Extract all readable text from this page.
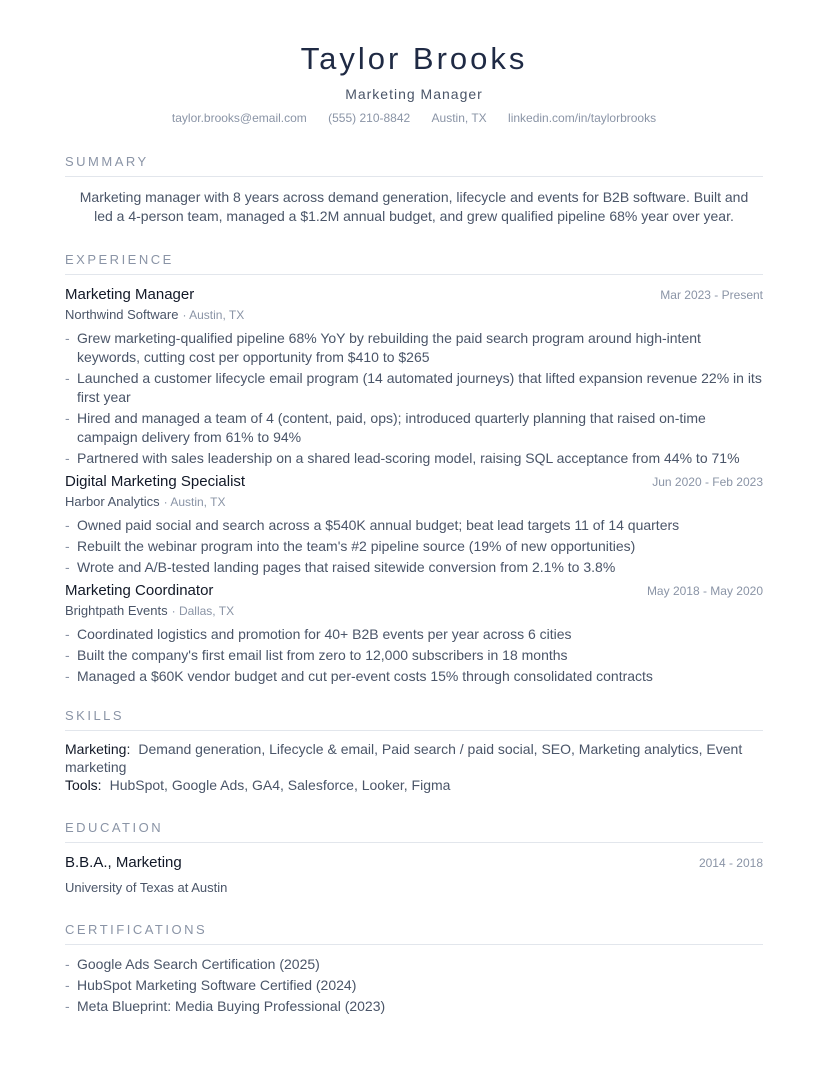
Taylor Brooks
Marketing Manager
taylor.brooks@email.com (555) 210-8842 Austin, TX linkedin.com/in/taylorbrooks
SUMMARY

Marketing manager with 8 years across demand generation, lifecycle and events for B2B software. Built and led a 4-person team, managed a $1.2M annual budget, and grew qualified pipeline 68% year over year.

EXPERIENCE
Marketing Manager	Mar 2023 - Present
Northwind Software · Austin, TX
- Grew marketing-qualified pipeline 68% YoY by rebuilding the paid search program around high-intent keywords, cutting cost per opportunity from $410 to $265
- Launched a customer lifecycle email program (14 automated journeys) that lifted expansion revenue 22% in its first year
- Hired and managed a team of 4 (content, paid, ops); introduced quarterly planning that raised on-time campaign delivery from 61% to 94%
- Partnered with sales leadership on a shared lead-scoring model, raising SQL acceptance from 44% to 71%
Digital Marketing Specialist	Jun 2020 - Feb 2023
Harbor Analytics · Austin, TX
- Owned paid social and search across a $540K annual budget; beat lead targets 11 of 14 quarters
- Rebuilt the webinar program into the team's #2 pipeline source (19% of new opportunities)
- Wrote and A/B-tested landing pages that raised sitewide conversion from 2.1% to 3.8%
Marketing Coordinator	May 2018 - May 2020
Brightpath Events · Dallas, TX
- Coordinated logistics and promotion for 40+ B2B events per year across 6 cities
- Built the company's first email list from zero to 12,000 subscribers in 18 months
- Managed a $60K vendor budget and cut per-event costs 15% through consolidated contracts
SKILLS
Marketing: Demand generation, Lifecycle & email, Paid search / paid social, SEO, Marketing analytics, Event marketing
Tools: HubSpot, Google Ads, GA4, Salesforce, Looker, Figma
EDUCATION
B.B.A., Marketing	2014 - 2018
University of Texas at Austin
CERTIFICATIONS
- Google Ads Search Certification (2025)
- HubSpot Marketing Software Certified (2024)
- Meta Blueprint: Media Buying Professional (2023)
